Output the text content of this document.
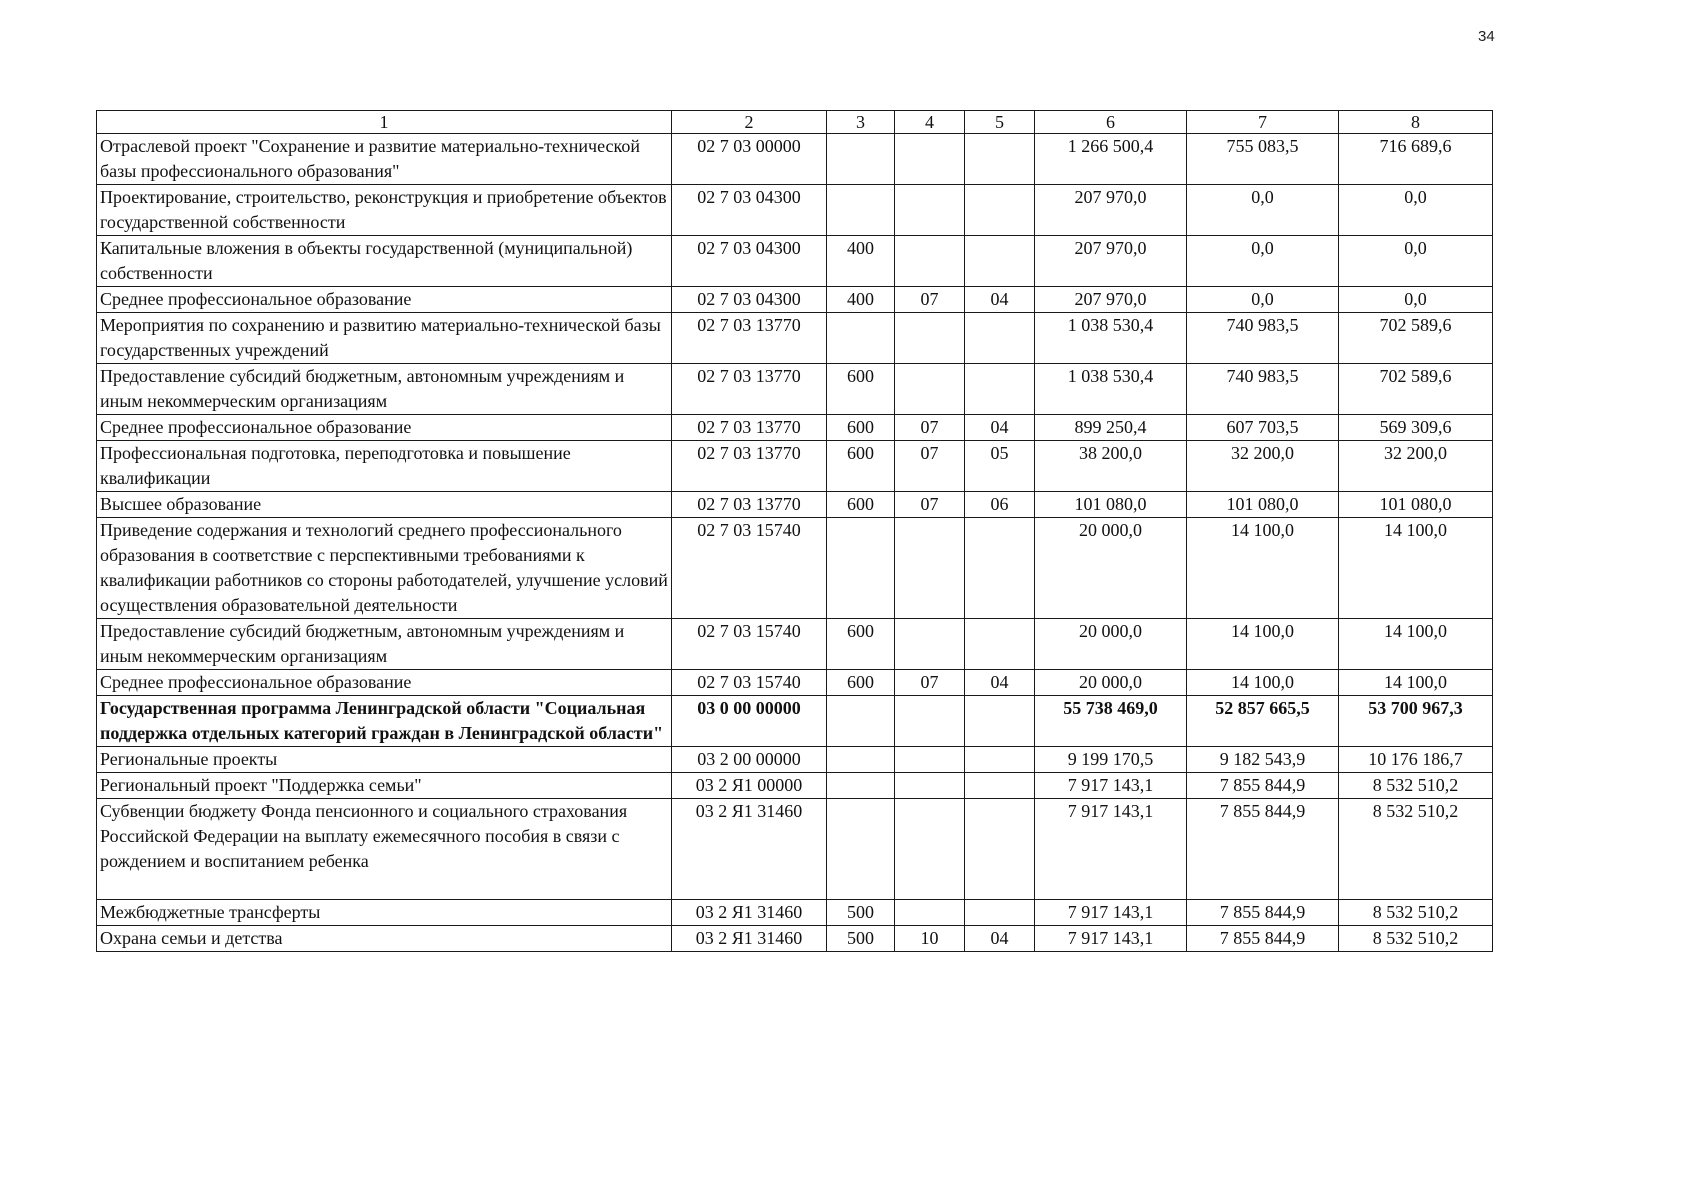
34
1	2	3	4	5	6	7	8
Отраслевой проект "Сохранение и развитие материально-технической базы профессионального образования"	02 7 03 00000				1 266 500,4	755 083,5	716 689,6
Проектирование, строительство, реконструкция и приобретение объектов государственной собственности	02 7 03 04300				207 970,0	0,0	0,0
Капитальные вложения в объекты государственной (муниципальной) собственности	02 7 03 04300	400			207 970,0	0,0	0,0
Среднее профессиональное образование	02 7 03 04300	400	07	04	207 970,0	0,0	0,0
Мероприятия по сохранению и развитию материально-технической базы государственных учреждений	02 7 03 13770				1 038 530,4	740 983,5	702 589,6
Предоставление субсидий бюджетным, автономным учреждениям и иным некоммерческим организациям	02 7 03 13770	600			1 038 530,4	740 983,5	702 589,6
Среднее профессиональное образование	02 7 03 13770	600	07	04	899 250,4	607 703,5	569 309,6
Профессиональная подготовка, переподготовка и повышение квалификации	02 7 03 13770	600	07	05	38 200,0	32 200,0	32 200,0
Высшее образование	02 7 03 13770	600	07	06	101 080,0	101 080,0	101 080,0
Приведение содержания и технологий среднего профессионального образования в соответствие с перспективными требованиями к квалификации работников со стороны работодателей, улучшение условий осуществления образовательной деятельности	02 7 03 15740				20 000,0	14 100,0	14 100,0
Предоставление субсидий бюджетным, автономным учреждениям и иным некоммерческим организациям	02 7 03 15740	600			20 000,0	14 100,0	14 100,0
Среднее профессиональное образование	02 7 03 15740	600	07	04	20 000,0	14 100,0	14 100,0
Государственная программа Ленинградской области "Социальная поддержка отдельных категорий граждан в Ленинградской области"	03 0 00 00000				55 738 469,0	52 857 665,5	53 700 967,3
Региональные проекты	03 2 00 00000				9 199 170,5	9 182 543,9	10 176 186,7
Региональный проект "Поддержка семьи"	03 2 Я1 00000				7 917 143,1	7 855 844,9	8 532 510,2
Субвенции бюджету Фонда пенсионного и социального страхования Российской Федерации на выплату ежемесячного пособия в связи с рождением и воспитанием ребенка	03 2 Я1 31460				7 917 143,1	7 855 844,9	8 532 510,2
Межбюджетные трансферты	03 2 Я1 31460	500			7 917 143,1	7 855 844,9	8 532 510,2
Охрана семьи и детства	03 2 Я1 31460	500	10	04	7 917 143,1	7 855 844,9	8 532 510,2
